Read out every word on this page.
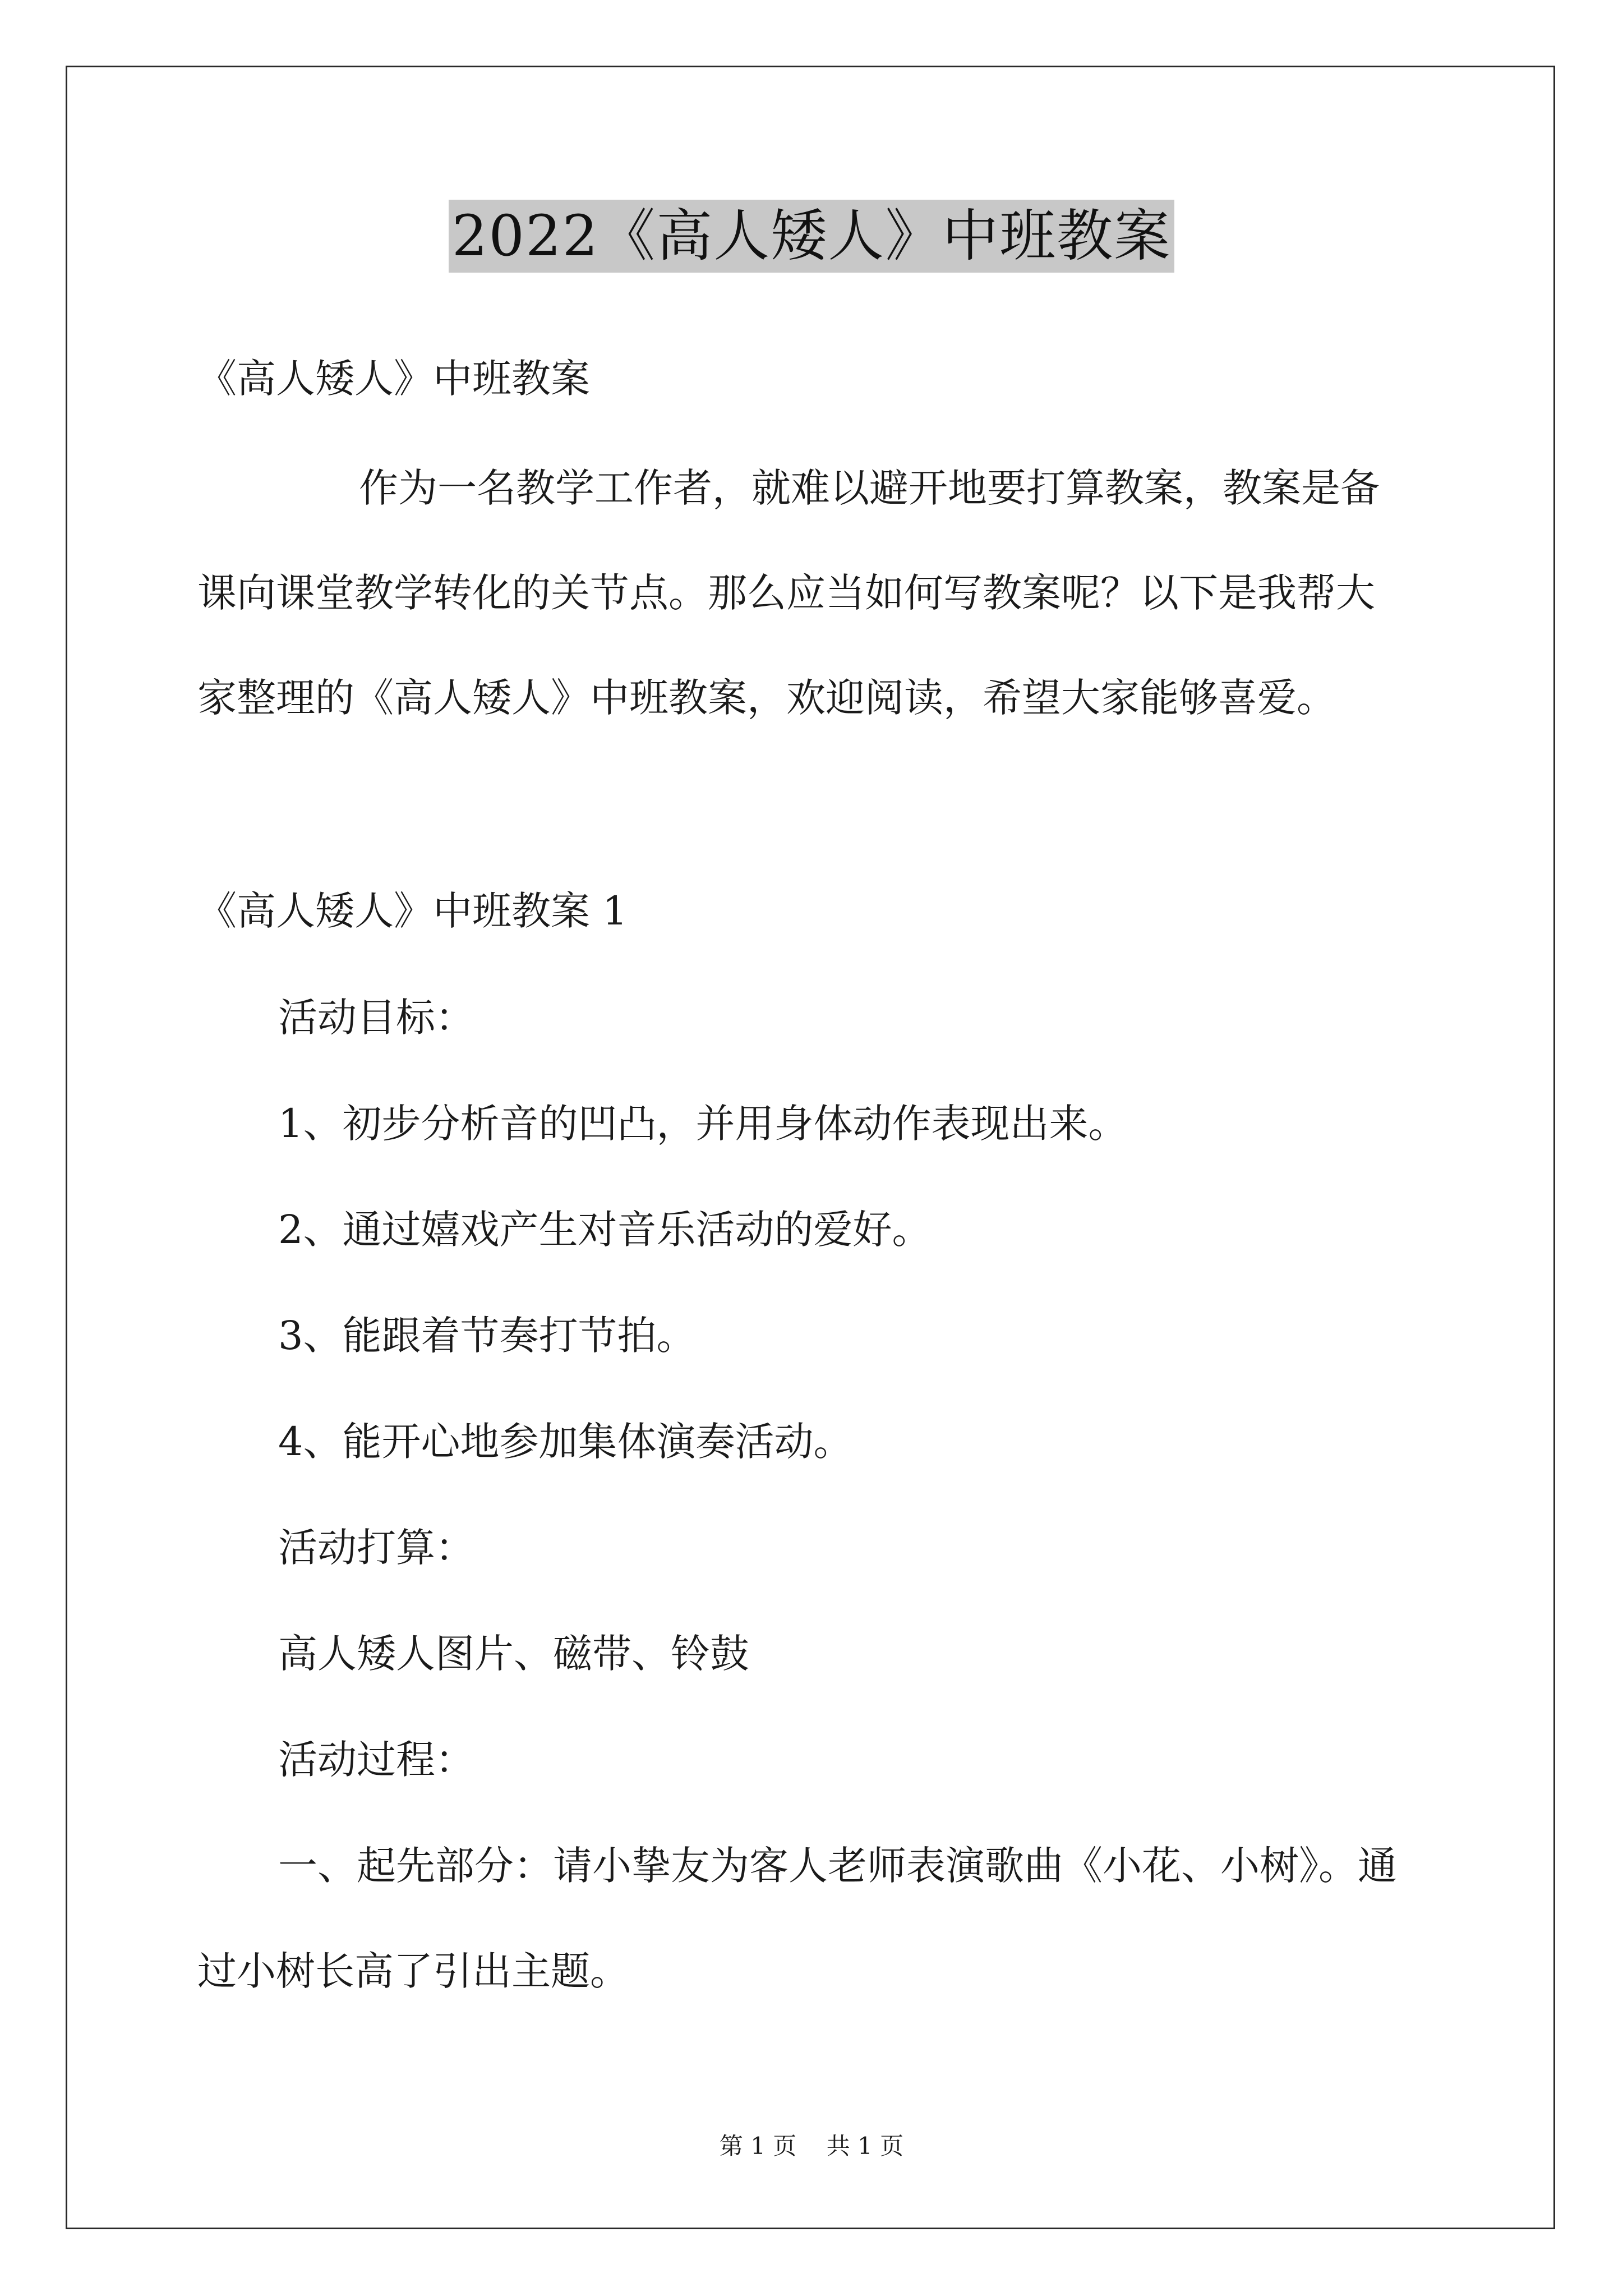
2022《高人矮人》中班教案
《高人矮人》中班教案
作为一名教学工作者，就难以避开地要打算教案，教案是备
课向课堂教学转化的关节点。那么应当如何写教案呢？以下是我帮大
家整理的《高人矮人》中班教案，欢迎阅读，希望大家能够喜爱。
《高人矮人》中班教案 1
活动目标：
1、初步分析音的凹凸，并用身体动作表现出来。
2、通过嬉戏产生对音乐活动的爱好。
3、能跟着节奏打节拍。
4、能开心地参加集体演奏活动。
活动打算：
高人矮人图片、磁带、铃鼓
活动过程：
一、起先部分：请小挚友为客人老师表演歌曲《小花、小树》。通
过小树长高了引出主题。
第 1 页    共 1 页
